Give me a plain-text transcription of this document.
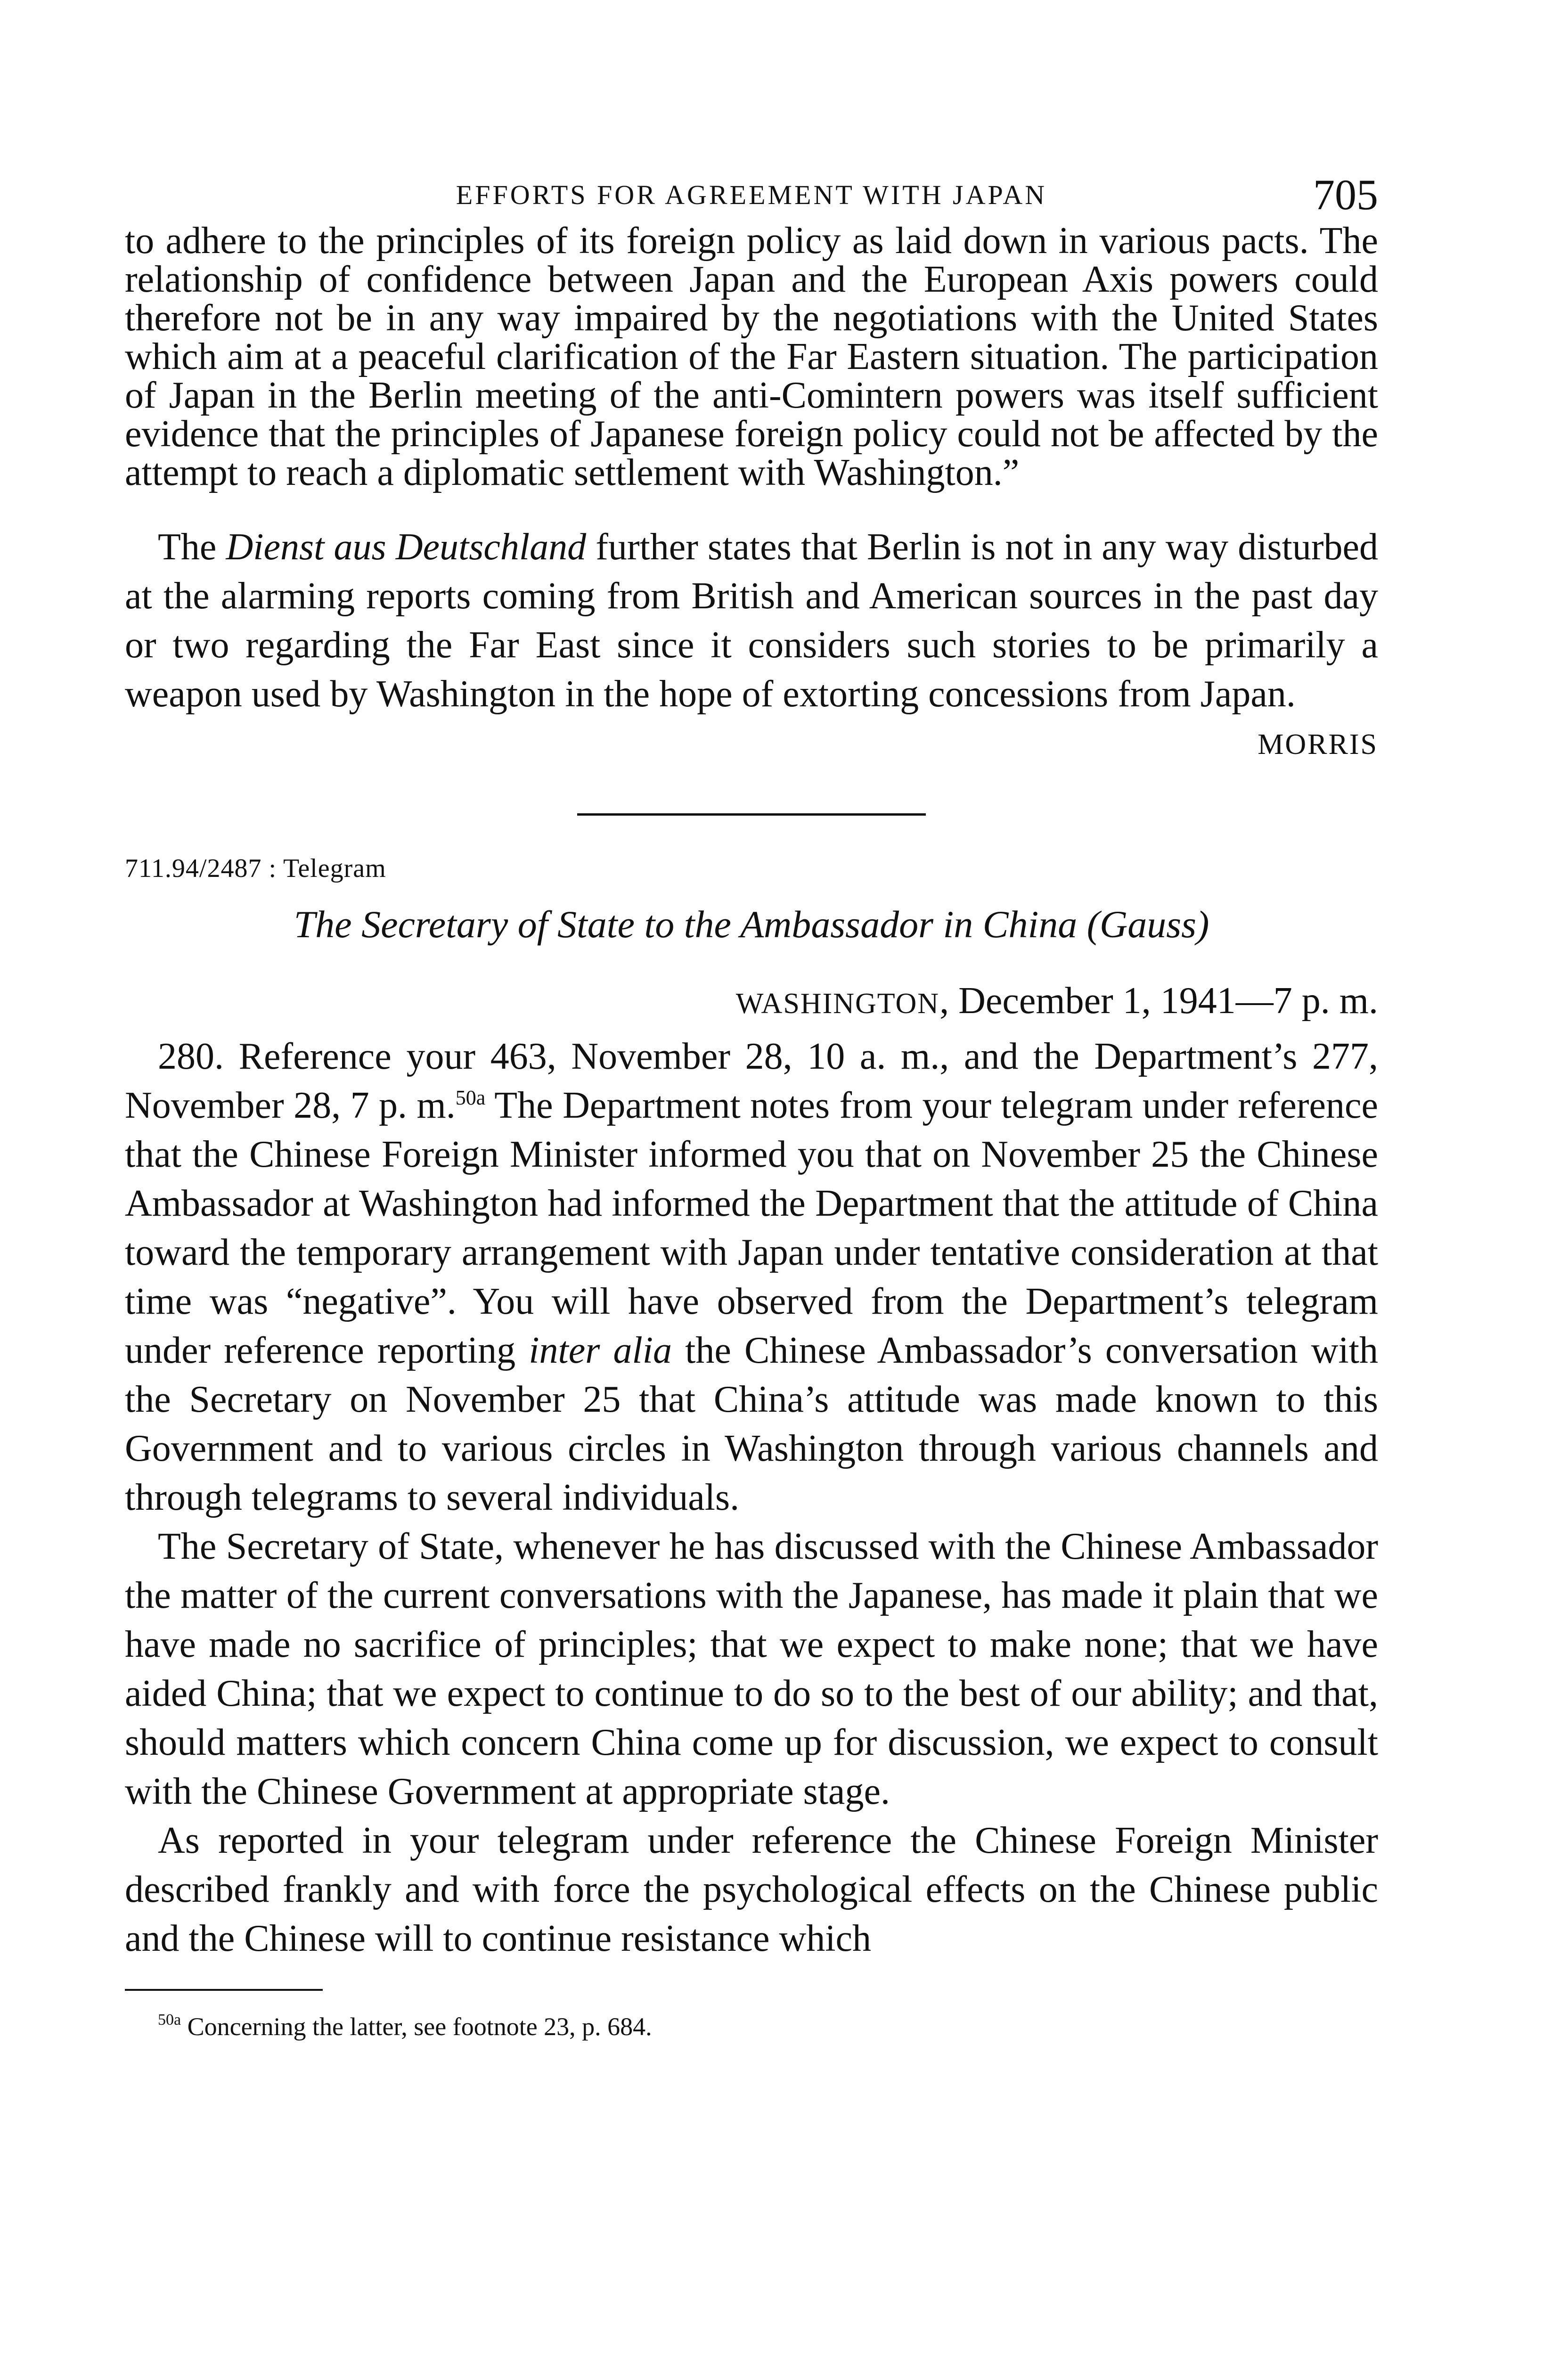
EFFORTS FOR AGREEMENT WITH JAPAN	705

to adhere to the principles of its foreign policy as laid down in various pacts. The relationship of confidence between Japan and the European Axis powers could therefore not be in any way impaired by the negotiations with the United States which aim at a peaceful clarification of the Far Eastern situation. The participation of Japan in the Berlin meeting of the anti-Comintern powers was itself sufficient evidence that the principles of Japanese foreign policy could not be affected by the attempt to reach a diplomatic settlement with Washington.”

The Dienst aus Deutschland further states that Berlin is not in any way disturbed at the alarming reports coming from British and American sources in the past day or two regarding the Far East since it considers such stories to be primarily a weapon used by Washington in the hope of extorting concessions from Japan.

MORRIS
711.94/2487 : Telegram
The Secretary of State to the Ambassador in China (Gauss)
WASHINGTON, December 1, 1941—7 p. m.

280. Reference your 463, November 28, 10 a. m., and the Department’s 277, November 28, 7 p. m.$^{50a}$ The Department notes from your telegram under reference that the Chinese Foreign Minister informed you that on November 25 the Chinese Ambassador at Washington had informed the Department that the attitude of China toward the temporary arrangement with Japan under tentative consideration at that time was “negative”. You will have observed from the Department’s telegram under reference reporting inter alia the Chinese Ambassador’s conversation with the Secretary on November 25 that China’s attitude was made known to this Government and to various circles in Washington through various channels and through telegrams to several individuals.

The Secretary of State, whenever he has discussed with the Chinese Ambassador the matter of the current conversations with the Japanese, has made it plain that we have made no sacrifice of principles; that we expect to make none; that we have aided China; that we expect to continue to do so to the best of our ability; and that, should matters which concern China come up for discussion, we expect to consult with the Chinese Government at appropriate stage.

As reported in your telegram under reference the Chinese Foreign Minister described frankly and with force the psychological effects on the Chinese public and the Chinese will to continue resistance which

$^{50a}$ Concerning the latter, see footnote 23, p. 684.
